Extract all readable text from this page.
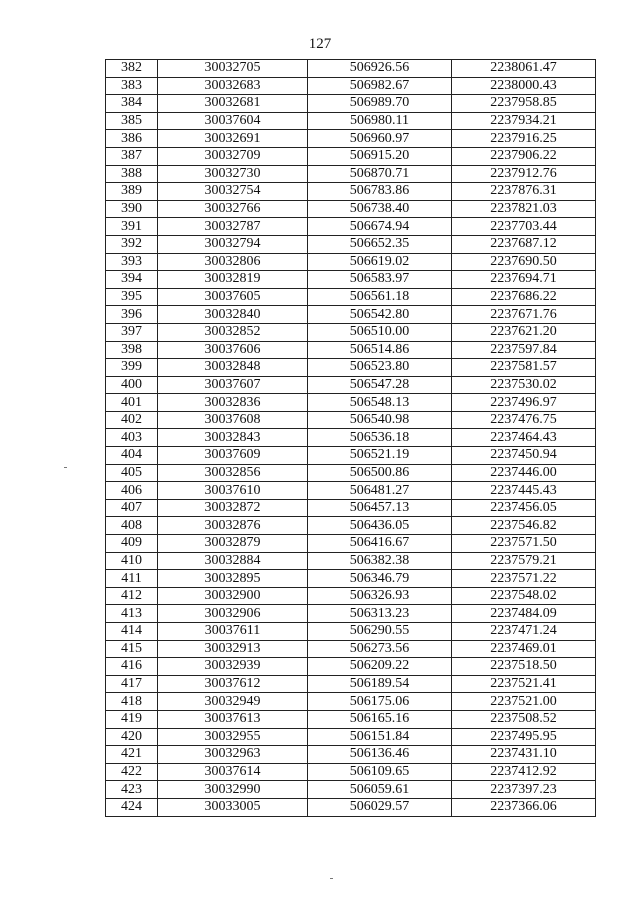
127
382	30032705	506926.56	2238061.47
383	30032683	506982.67	2238000.43
384	30032681	506989.70	2237958.85
385	30037604	506980.11	2237934.21
386	30032691	506960.97	2237916.25
387	30032709	506915.20	2237906.22
388	30032730	506870.71	2237912.76
389	30032754	506783.86	2237876.31
390	30032766	506738.40	2237821.03
391	30032787	506674.94	2237703.44
392	30032794	506652.35	2237687.12
393	30032806	506619.02	2237690.50
394	30032819	506583.97	2237694.71
395	30037605	506561.18	2237686.22
396	30032840	506542.80	2237671.76
397	30032852	506510.00	2237621.20
398	30037606	506514.86	2237597.84
399	30032848	506523.80	2237581.57
400	30037607	506547.28	2237530.02
401	30032836	506548.13	2237496.97
402	30037608	506540.98	2237476.75
403	30032843	506536.18	2237464.43
404	30037609	506521.19	2237450.94
405	30032856	506500.86	2237446.00
406	30037610	506481.27	2237445.43
407	30032872	506457.13	2237456.05
408	30032876	506436.05	2237546.82
409	30032879	506416.67	2237571.50
410	30032884	506382.38	2237579.21
411	30032895	506346.79	2237571.22
412	30032900	506326.93	2237548.02
413	30032906	506313.23	2237484.09
414	30037611	506290.55	2237471.24
415	30032913	506273.56	2237469.01
416	30032939	506209.22	2237518.50
417	30037612	506189.54	2237521.41
418	30032949	506175.06	2237521.00
419	30037613	506165.16	2237508.52
420	30032955	506151.84	2237495.95
421	30032963	506136.46	2237431.10
422	30037614	506109.65	2237412.92
423	30032990	506059.61	2237397.23
424	30033005	506029.57	2237366.06
